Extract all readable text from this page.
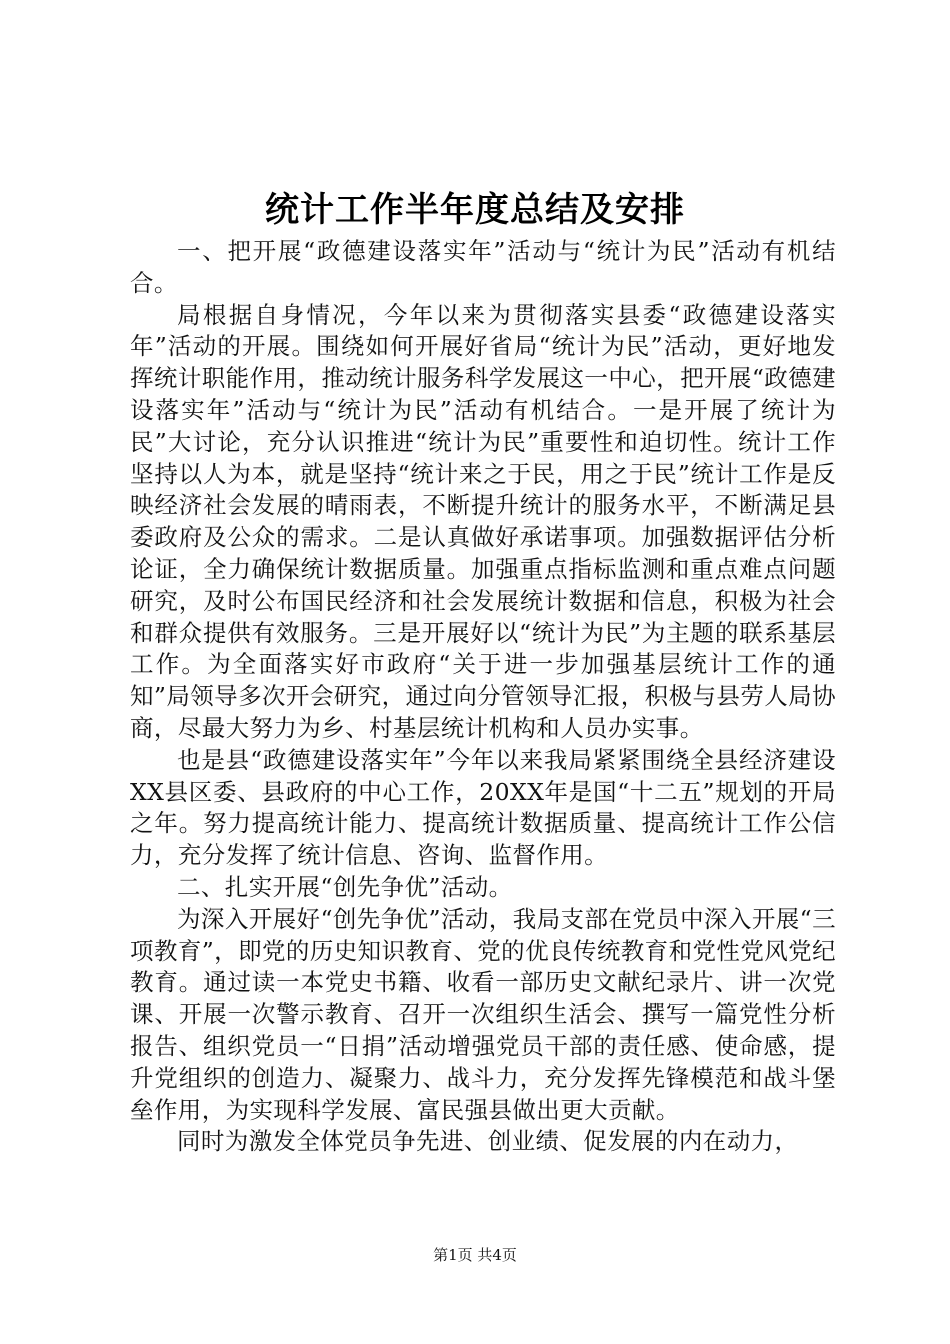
统计工作半年度总结及安排

一、把开展“政德建设落实年”活动与“统计为民”活动有机结合。

局根据自身情况，今年以来为贯彻落实县委“政德建设落实年”活动的开展。围绕如何开展好省局“统计为民”活动，更好地发挥统计职能作用，推动统计服务科学发展这一中心，把开展“政德建设落实年”活动与“统计为民”活动有机结合。一是开展了统计为民”大讨论，充分认识推进“统计为民”重要性和迫切性。统计工作坚持以人为本，就是坚持“统计来之于民，用之于民”统计工作是反映经济社会发展的晴雨表，不断提升统计的服务水平，不断满足县委政府及公众的需求。二是认真做好承诺事项。加强数据评估分析论证，全力确保统计数据质量。加强重点指标监测和重点难点问题研究，及时公布国民经济和社会发展统计数据和信息，积极为社会和群众提供有效服务。三是开展好以“统计为民”为主题的联系基层工作。为全面落实好市政府“关于进一步加强基层统计工作的通知”局领导多次开会研究，通过向分管领导汇报，积极与县劳人局协商，尽最大努力为乡、村基层统计机构和人员办实事。

也是县“政德建设落实年”今年以来我局紧紧围绕全县经济建设XX县区委、县政府的中心工作，20XX年是国“十二五”规划的开局之年。努力提高统计能力、提高统计数据质量、提高统计工作公信力，充分发挥了统计信息、咨询、监督作用。

二、扎实开展“创先争优”活动。

为深入开展好“创先争优”活动，我局支部在党员中深入开展“三项教育”，即党的历史知识教育、党的优良传统教育和党性党风党纪教育。通过读一本党史书籍、收看一部历史文献纪录片、讲一次党课、开展一次警示教育、召开一次组织生活会、撰写一篇党性分析报告、组织党员一“日捐”活动增强党员干部的责任感、使命感，提升党组织的创造力、凝聚力、战斗力，充分发挥先锋模范和战斗堡垒作用，为实现科学发展、富民强县做出更大贡献。

同时为激发全体党员争先进、创业绩、促发展的内在动力，

第1页 共4页
